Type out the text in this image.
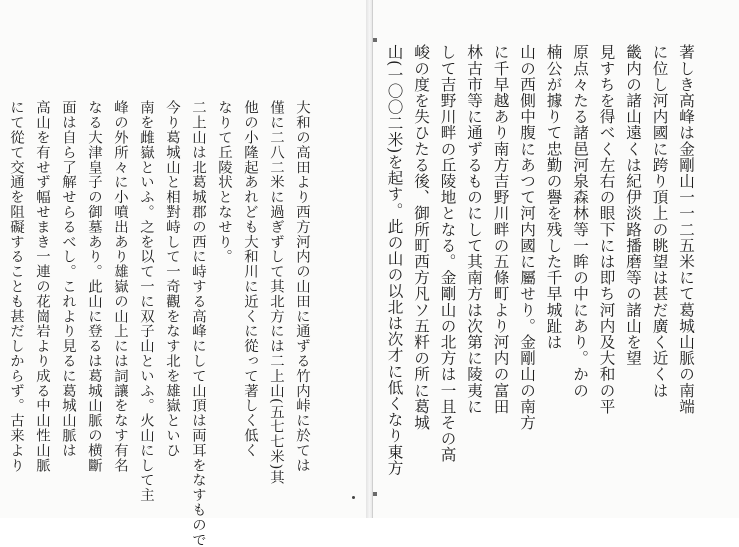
大和の高田より西方河内の山田に通ずる竹内峠に於ては

僅に二八二米に過ぎずして其北方には二上山(五七七米)其

他の小隆起あれども大和川に近くに從って著しく低く

なりて丘陵状となせり。

二上山は北葛城郡の西に峙する高峰にして山頂は両耳をなすもので

今り葛城山と相對峙して一奇觀をなす北を雄嶽といひ

南を雌嶽といふ。之を以て一に双子山といふ。火山にして主

峰の外所々に小噴出あり雄嶽の山上には詞讓をなす有名

なる大津皇子の御墓あり。此山に登るは葛城山脈の横斷

面は自ら了解せらるべし。これより見るに葛城山脈は

高山を有せず幅せまき一連の花崗岩より成る中山性山脈

にて從て交通を阻礙することも甚だしからず。古来より	著しき高峰は金剛山一一二五米にて葛城山脈の南端

に位し河内國に跨り頂上の眺望は甚だ廣く近くは

畿内の諸山遠くは紀伊淡路播磨等の諸山を望

見すちを得べく左右の眼下には即ち河内及大和の平

原点々たる諸邑河泉森林等一眸の中にあり。かの

楠公が據りて忠勤の譽を残した千早城趾は

山の西側中腹にあつて河内國に屬せり。金剛山の南方

に千早越あり南方吉野川畔の五條町より河内の富田

林古市等に通ずるものにして其南方は次第に陵夷に

して吉野川畔の丘陵地となる。金剛山の北方は一且その高

峻の度を失ひたる後、御所町西方凡ソ五粁の所に葛城

山(一〇〇二米)を起す。此の山の以北は次才に低くなり東方
